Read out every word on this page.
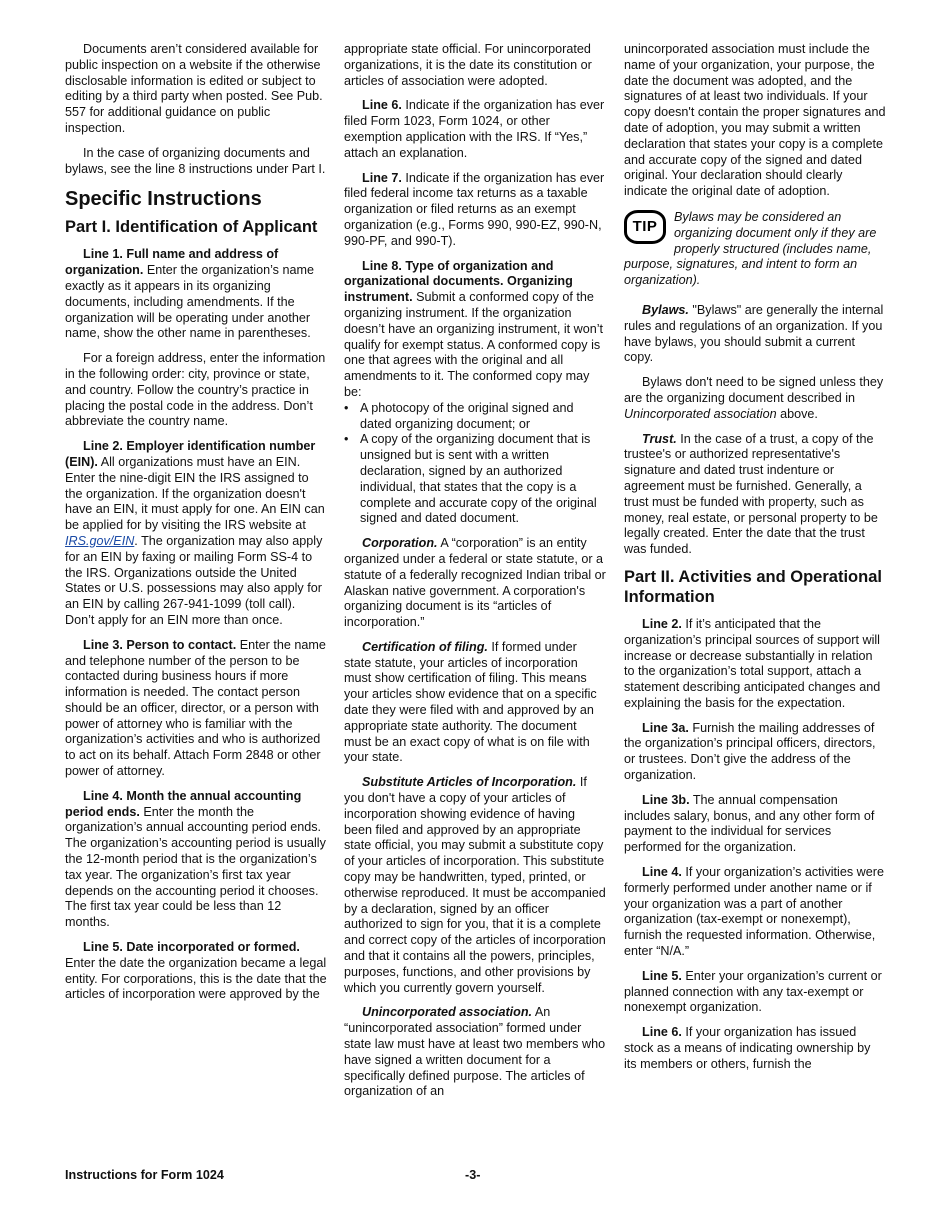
Documents aren’t considered available for public inspection on a website if the otherwise disclosable information is edited or subject to editing by a third party when posted. See Pub. 557 for additional guidance on public inspection.

In the case of organizing documents and bylaws, see the line 8 instructions under Part I.

Specific Instructions
Part I. Identification of Applicant

Line 1. Full name and address of organization. Enter the organization’s name exactly as it appears in its organizing documents, including amendments. If the organization will be operating under another name, show the other name in parentheses.

For a foreign address, enter the information in the following order: city, province or state, and country. Follow the country’s practice in placing the postal code in the address. Don’t abbreviate the country name.

Line 2. Employer identification number (EIN). All organizations must have an EIN. Enter the nine-digit EIN the IRS assigned to the organization. If the organization doesn't have an EIN, it must apply for one. An EIN can be applied for by visiting the IRS website at IRS.gov/EIN. The organization may also apply for an EIN by faxing or mailing Form SS-4 to the IRS. Organizations outside the United States or U.S. possessions may also apply for an EIN by calling 267-941-1099 (toll call). Don’t apply for an EIN more than once.

Line 3. Person to contact. Enter the name and telephone number of the person to be contacted during business hours if more information is needed. The contact person should be an officer, director, or a person with power of attorney who is familiar with the organization’s activities and who is authorized to act on its behalf. Attach Form 2848 or other power of attorney.

Line 4. Month the annual accounting period ends. Enter the month the organization’s annual accounting period ends. The organization’s accounting period is usually the 12-month period that is the organization’s tax year. The organization’s first tax year depends on the accounting period it chooses. The first tax year could be less than 12 months.

Line 5. Date incorporated or formed. Enter the date the organization became a legal entity. For corporations, this is the date that the articles of incorporation were approved by the

appropriate state official. For unincorporated organizations, it is the date its constitution or articles of association were adopted.

Line 6. Indicate if the organization has ever filed Form 1023, Form 1024, or other exemption application with the IRS. If “Yes,” attach an explanation.

Line 7. Indicate if the organization has ever filed federal income tax returns as a taxable organization or filed returns as an exempt organization (e.g., Forms 990, 990-EZ, 990-N, 990-PF, and 990-T).

Line 8. Type of organization and organizational documents. Organizing instrument. Submit a conformed copy of the organizing instrument. If the organization doesn’t have an organizing instrument, it won’t qualify for exempt status. A conformed copy is one that agrees with the original and all amendments to it. The conformed copy may be:

• A photocopy of the original signed and dated organizing document; or
• A copy of the organizing document that is unsigned but is sent with a written declaration, signed by an authorized individual, that states that the copy is a complete and accurate copy of the original signed and dated document.

Corporation. A “corporation” is an entity organized under a federal or state statute, or a statute of a federally recognized Indian tribal or Alaskan native government. A corporation's organizing document is its “articles of incorporation.”

Certification of filing. If formed under state statute, your articles of incorporation must show certification of filing. This means your articles show evidence that on a specific date they were filed with and approved by an appropriate state authority. The document must be an exact copy of what is on file with your state.

Substitute Articles of Incorporation. If you don't have a copy of your articles of incorporation showing evidence of having been filed and approved by an appropriate state official, you may submit a substitute copy of your articles of incorporation. This substitute copy may be handwritten, typed, printed, or otherwise reproduced. It must be accompanied by a declaration, signed by an officer authorized to sign for you, that it is a complete and correct copy of the articles of incorporation and that it contains all the powers, principles, purposes, functions, and other provisions by which you currently govern yourself.

Unincorporated association. An “unincorporated association” formed under state law must have at least two members who have signed a written document for a specifically defined purpose. The articles of organization of an

unincorporated association must include the name of your organization, your purpose, the date the document was adopted, and the signatures of at least two individuals. If your copy doesn't contain the proper signatures and date of adoption, you may submit a written declaration that states your copy is a complete and accurate copy of the signed and dated original. Your declaration should clearly indicate the original date of adoption.

TIP
Bylaws may be considered an organizing document only if they are properly structured (includes name, purpose, signatures, and intent to form an organization).

Bylaws. "Bylaws" are generally the internal rules and regulations of an organization. If you have bylaws, you should submit a current copy.

Bylaws don't need to be signed unless they are the organizing document described in Unincorporated association above.

Trust. In the case of a trust, a copy of the trustee's or authorized representative's signature and dated trust indenture or agreement must be furnished. Generally, a trust must be funded with property, such as money, real estate, or personal property to be legally created. Enter the date that the trust was funded.

Part II. Activities and Operational Information

Line 2. If it’s anticipated that the organization’s principal sources of support will increase or decrease substantially in relation to the organization’s total support, attach a statement describing anticipated changes and explaining the basis for the expectation.

Line 3a. Furnish the mailing addresses of the organization’s principal officers, directors, or trustees. Don’t give the address of the organization.

Line 3b. The annual compensation includes salary, bonus, and any other form of payment to the individual for services performed for the organization.

Line 4. If your organization’s activities were formerly performed under another name or if your organization was a part of another organization (tax-exempt or nonexempt), furnish the requested information. Otherwise, enter “N/A.”

Line 5. Enter your organization’s current or planned connection with any tax-exempt or nonexempt organization.

Line 6. If your organization has issued stock as a means of indicating ownership by its members or others, furnish the

Instructions for Form 1024	-3-
